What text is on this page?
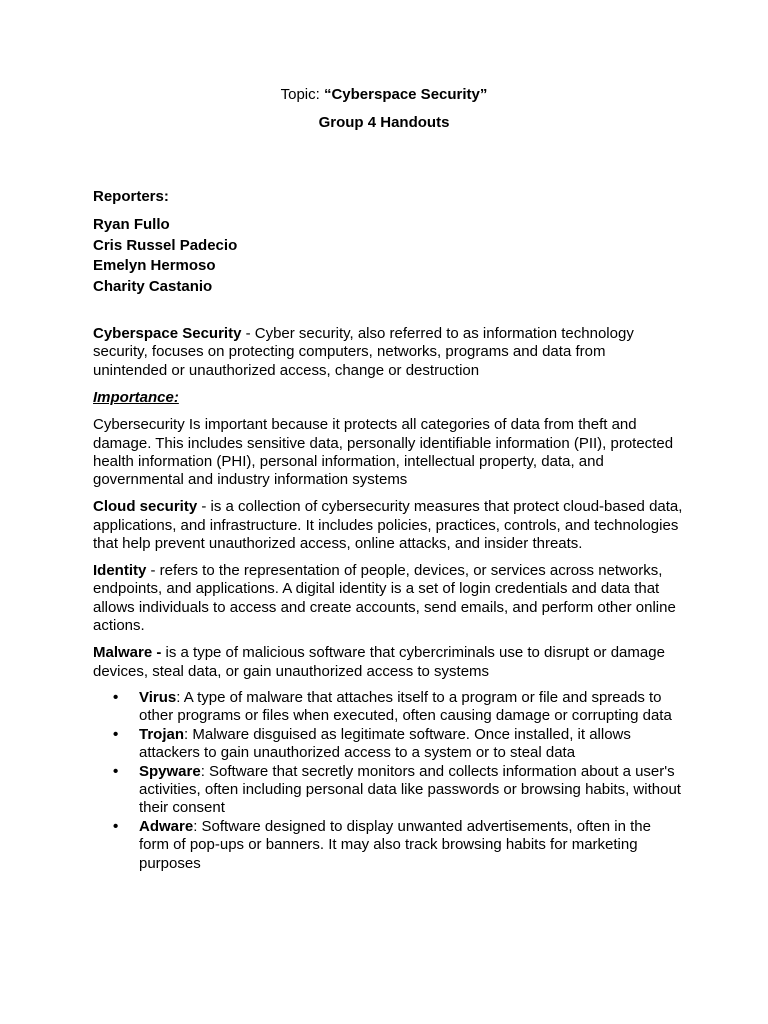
Topic: “Cyberspace Security”
Group 4 Handouts
Reporters:
Ryan Fullo
Cris Russel Padecio
Emelyn Hermoso
Charity Castanio

Cyberspace Security - Cyber security, also referred to as information technology security, focuses on protecting computers, networks, programs and data from unintended or unauthorized access, change or destruction

Importance:

Cybersecurity Is important because it protects all categories of data from theft and damage. This includes sensitive data, personally identifiable information (PII), protected health information (PHI), personal information, intellectual property, data, and governmental and industry information systems

Cloud security - is a collection of cybersecurity measures that protect cloud-based data, applications, and infrastructure. It includes policies, practices, controls, and technologies that help prevent unauthorized access, online attacks, and insider threats.

Identity - refers to the representation of people, devices, or services across networks, endpoints, and applications. A digital identity is a set of login credentials and data that allows individuals to access and create accounts, send emails, and perform other online actions.

Malware - is a type of malicious software that cybercriminals use to disrupt or damage devices, steal data, or gain unauthorized access to systems

• Virus: A type of malware that attaches itself to a program or file and spreads to other programs or files when executed, often causing damage or corrupting data
• Trojan: Malware disguised as legitimate software. Once installed, it allows attackers to gain unauthorized access to a system or to steal data
• Spyware: Software that secretly monitors and collects information about a user's activities, often including personal data like passwords or browsing habits, without their consent
• Adware: Software designed to display unwanted advertisements, often in the form of pop-ups or banners. It may also track browsing habits for marketing purposes
